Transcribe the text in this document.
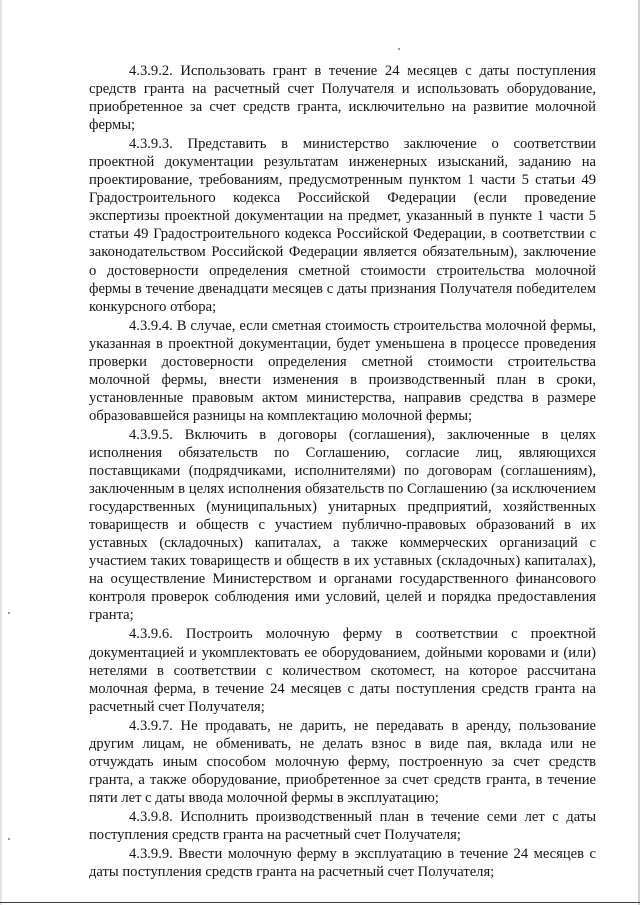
4.3.9.2. Использовать грант в течение 24 месяцев с даты поступления средств гранта на расчетный счет Получателя и использовать оборудование, приобретенное за счет средств гранта, исключительно на развитие молочной фермы;

4.3.9.3. Представить в министерство заключение о соответствии проектной документации результатам инженерных изысканий, заданию на проектирование, требованиям, предусмотренным пунктом 1 части 5 статьи 49 Градостроительного кодекса Российской Федерации (если проведение экспертизы проектной документации на предмет, указанный в пункте 1 части 5 статьи 49 Градостроительного кодекса Российской Федерации, в соответствии с законодательством Российской Федерации является обязательным), заключение о достоверности определения сметной стоимости строительства молочной фермы в течение двенадцати месяцев с даты признания Получателя победителем конкурсного отбора;

4.3.9.4. В случае, если сметная стоимость строительства молочной фермы, указанная в проектной документации, будет уменьшена в процессе проведения проверки достоверности определения сметной стоимости строительства молочной фермы, внести изменения в производственный план в сроки, установленные правовым актом министерства, направив средства в размере образовавшейся разницы на комплектацию молочной фермы;

4.3.9.5. Включить в договоры (соглашения), заключенные в целях исполнения обязательств по Соглашению, согласие лиц, являющихся поставщиками (подрядчиками, исполнителями) по договорам (соглашениям), заключенным в целях исполнения обязательств по Соглашению (за исключением государственных (муниципальных) унитарных предприятий, хозяйственных товариществ и обществ с участием публично-правовых образований в их уставных (складочных) капиталах, а также коммерческих организаций с участием таких товариществ и обществ в их уставных (складочных) капиталах), на осуществление Министерством и органами государственного финансового контроля проверок соблюдения ими условий, целей и порядка предоставления гранта;

4.3.9.6. Построить молочную ферму в соответствии с проектной документацией и укомплектовать ее оборудованием, дойными коровами и (или) нетелями в соответствии с количеством скотомест, на которое рассчитана молочная ферма, в течение 24 месяцев с даты поступления средств гранта на расчетный счет Получателя;

4.3.9.7. Не продавать, не дарить, не передавать в аренду, пользование другим лицам, не обменивать, не делать взнос в виде пая, вклада или не отчуждать иным способом молочную ферму, построенную за счет средств гранта, а также оборудование, приобретенное за счет средств гранта, в течение пяти лет с даты ввода молочной фермы в эксплуатацию;

4.3.9.8. Исполнить производственный план в течение семи лет с даты поступления средств гранта на расчетный счет Получателя;

4.3.9.9. Ввести молочную ферму в эксплуатацию в течение 24 месяцев с даты поступления средств гранта на расчетный счет Получателя;
